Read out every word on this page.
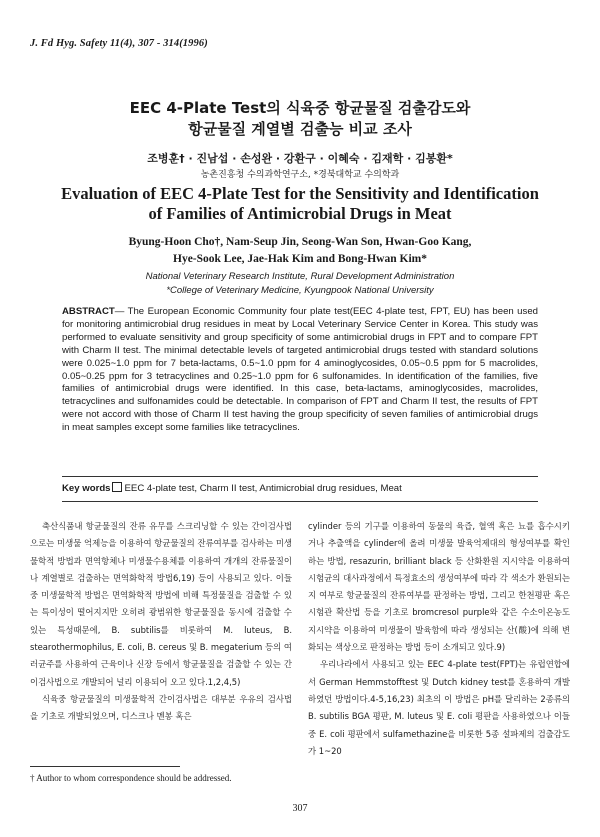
J. Fd Hyg. Safety 11(4), 307 - 314(1996)
EEC 4-Plate Test의 식육중 항균물질 검출감도와
항균물질 계열별 검출능 비교 조사
조병훈† · 진남섭 · 손성완 · 강환구 · 이혜숙 · 김재학 · 김봉환*
농촌진흥청 수의과학연구소, *경북대학교 수의학과
Evaluation of EEC 4-Plate Test for the Sensitivity and Identification
of Families of Antimicrobial Drugs in Meat
Byung-Hoon Cho†, Nam-Seup Jin, Seong-Wan Son, Hwan-Goo Kang,
Hye-Sook Lee, Jae-Hak Kim and Bong-Hwan Kim*
National Veterinary Research Institute, Rural Development Administration
*College of Veterinary Medicine, Kyungpook National University
ABSTRACT— The European Economic Community four plate test(EEC 4-plate test, FPT, EU) has been used for monitoring antimicrobial drug residues in meat by Local Veterinary Service Center in Korea. This study was performed to evaluate sensitivity and group specificity of some antimicrobial drugs in FPT and to compare FPT with Charm II test. The minimal detectable levels of targeted antimicrobial drugs tested with standard solutions were 0.025~1.0 ppm for 7 beta-lactams, 0.5~1.0 ppm for 4 aminoglycosides, 0.05~0.5 ppm for 5 macrolides, 0.05~0.25 ppm for 3 tetracyclines and 0.25~1.0 ppm for 6 sulfonamides. In identification of the families, five families of antimicrobial drugs were identified. In this case, beta-lactams, aminoglycosides, macrolides, tetracyclines and sulfonamides could be detectable. In comparison of FPT and Charm II test, the results of FPT were not accord with those of Charm II test having the group specificity of seven families of antimicrobial drugs in meat samples except some families like tetracyclines.
Key words EEC 4-plate test, Charm II test, Antimicrobial drug residues, Meat

축산식품내 항균물질의 잔류 유무를 스크리닝할 수 있는 간이검사법으로는 미생물 억제능을 이용하여 항균물질의 잔류여부를 검사하는 미생물학적 방법과 면역항체나 미생물수용체를 이용하여 개개의 잔류물질이나 계열별로 검출하는 면역화학적 방법6,19) 등이 사용되고 있다. 이들중 미생물학적 방법은 면역화학적 방법에 비해 특정물질을 검출할 수 있는 특이성이 떨어지지만 오히려 광범위한 항균물질을 동시에 검출할 수 있는 특성때문에, B. subtilis를 비롯하여 M. luteus, B. stearothermophilus, E. coli, B. cereus 및 B. megaterium 등의 여러균주를 사용하여 근육이나 신장 등에서 항균물질을 검출할 수 있는 간이검사법으로 개발되어 널리 이용되어 오고 있다.1,2,4,5)

식육중 항균물질의 미생물학적 간이검사법은 대부분 우유의 검사법을 기초로 개발되었으며, 디스크나 멘봉 혹은

cylinder 등의 기구를 이용하여 동물의 육즙, 혈액 혹은 뇨를 흡수시키거나 추출액을 cylinder에 올려 미생물 발육억제대의 형성여부를 확인하는 방법, resazurin, brilliant black 등 산화환원 지시약을 이용하여 시험균의 대사과정에서 특정효소의 생성여부에 따라 각 색소가 환원되는지 여부로 항균물질의 잔류여부를 판정하는 방법, 그리고 한천평판 혹은 시험관 확산법 등을 기초로 bromcresol purple와 같은 수소이온농도 지시약을 이용하여 미생물이 발육함에 따라 생성되는 산(酸)에 의해 변화되는 색상으로 판정하는 방법 등이 소개되고 있다.9)

우리나라에서 사용되고 있는 EEC 4-plate test(FPT)는 유럽연합에서 German Hemmstofftest 및 Dutch kidney test를 혼용하여 개발하였던 방법이다.4-5,16,23) 최초의 이 방법은 pH를 달리하는 2종류의 B. subtilis BGA 평판, M. luteus 및 E. coli 평판을 사용하였으나 이들중 E. coli 평판에서 sulfamethazine을 비롯한 5종 설파제의 검출감도가 1~20

† Author to whom correspondence should be addressed.
307
